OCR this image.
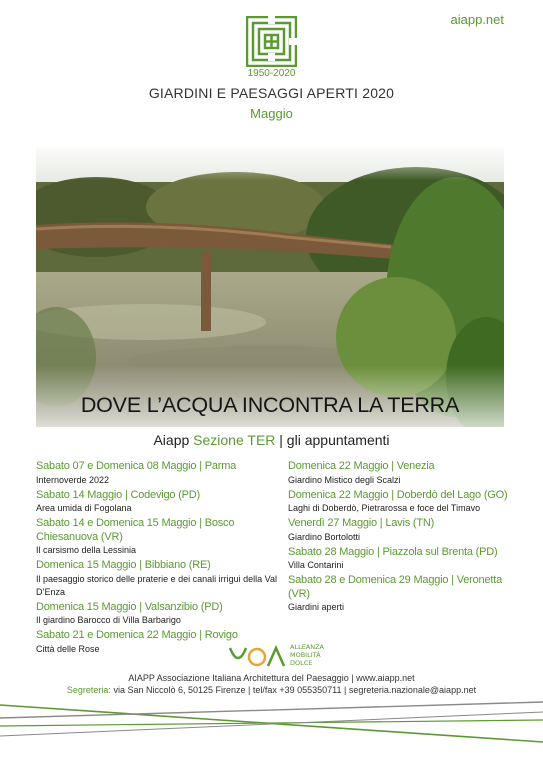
aiapp.net
1950-2020
GIARDINI E PAESAGGI APERTI 2020
Maggio
DOVE L’ACQUA INCONTRA LA TERRA
Aiapp Sezione TER | gli appuntamenti
Sabato 07 e Domenica 08 Maggio | Parma
Internoverde 2022
Sabato 14 Maggio | Codevigo (PD)
Area umida di Fogolana
Sabato 14 e Domenica 15 Maggio | Bosco Chiesanuova (VR)
Il carsismo della Lessinia
Domenica 15 Maggio | Bibbiano (RE)
Il paesaggio storico delle praterie e dei canali irrigui della Val D’Enza
Domenica 15 Maggio | Valsanzibio (PD)
Il giardino Barocco di Villa Barbarigo
Sabato 21 e Domenica 22 Maggio | Rovigo
Città delle Rose
Domenica 22 Maggio | Venezia
Giardino Mistico degli Scalzi
Domenica 22 Maggio | Doberdò del Lago (GO)
Laghi di Doberdò, Pietrarossa e foce del Timavo
Venerdì 27 Maggio | Lavis (TN)
Giardino Bortolotti
Sabato 28 Maggio | Piazzola sul Brenta (PD)
Villa Contarini
Sabato 28 e Domenica 29 Maggio | Veronetta (VR)
Giardini aperti
ALLEANZA
MOBILITÀ
DOLCE
AIAPP Associazione Italiana Architettura del Paesaggio | www.aiapp.net
Segreteria: via San Niccolò 6, 50125 Firenze | tel/fax +39 055350711 | segreteria.nazionale@aiapp.net
